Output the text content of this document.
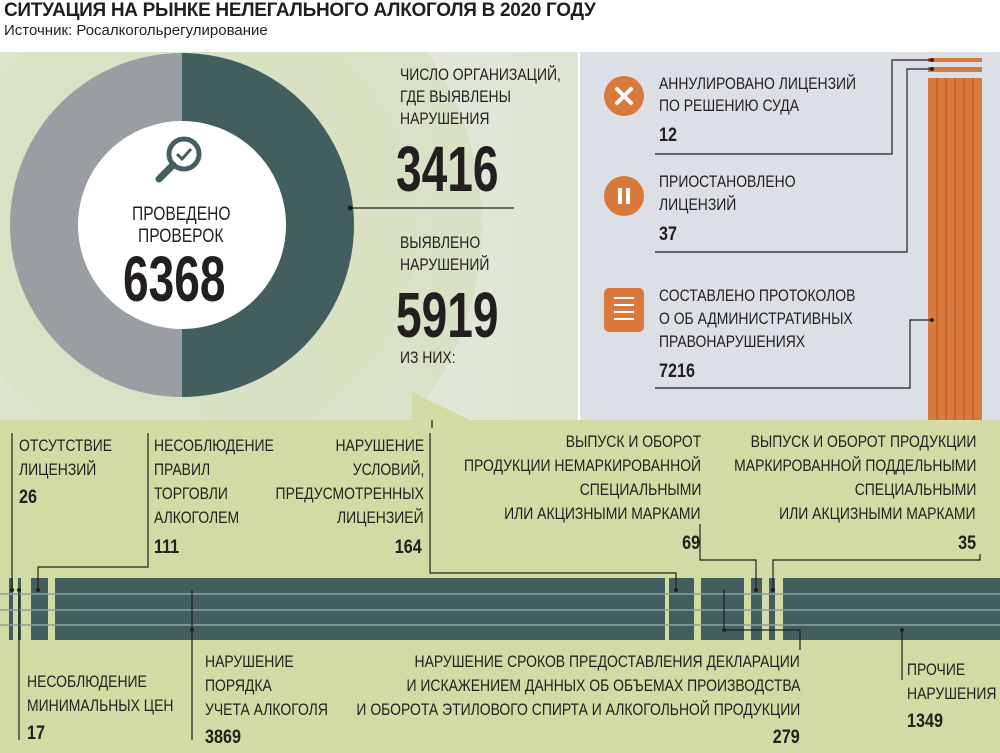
СИТУАЦИЯ НА РЫНКЕ НЕЛЕГАЛЬНОГО АЛКОГОЛЯ В 2020 ГОДУ
Источник: Росалкогольрегулирование
ПРОВЕДЕНО
ПРОВЕРОК
6368
ЧИСЛО ОРГАНИЗАЦИЙ,
ГДЕ ВЫЯВЛЕНЫ
НАРУШЕНИЯ
3416
ВЫЯВЛЕНО
НАРУШЕНИЙ
5919
ИЗ НИХ:
АННУЛИРОВАНО ЛИЦЕНЗИЙ
ПО РЕШЕНИЮ СУДА
12
ПРИОСТАНОВЛЕНО
ЛИЦЕНЗИЙ
37
СОСТАВЛЕНО ПРОТОКОЛОВ
О ОБ АДМИНИСТРАТИВНЫХ
ПРАВОНАРУШЕНИЯХ
7216
ОТСУТСТВИЕ
ЛИЦЕНЗИЙ
26
НЕСОБЛЮДЕНИЕ
ПРАВИЛ
ТОРГОВЛИ
АЛКОГОЛЕМ
111
НАРУШЕНИЕ
УСЛОВИЙ,
ПРЕДУСМОТРЕННЫХ
ЛИЦЕНЗИЕЙ
164
ВЫПУСК И ОБОРОТ
ПРОДУКЦИИ НЕМАРКИРОВАННОЙ
СПЕЦИАЛЬНЫМИ
ИЛИ АКЦИЗНЫМИ МАРКАМИ
69
ВЫПУСК И ОБОРОТ ПРОДУКЦИИ
МАРКИРОВАННОЙ ПОДДЕЛЬНЫМИ
СПЕЦИАЛЬНЫМИ
ИЛИ АКЦИЗНЫМИ МАРКАМИ
35
НЕСОБЛЮДЕНИЕ
МИНИМАЛЬНЫХ ЦЕН
17
НАРУШЕНИЕ
ПОРЯДКА
УЧЕТА АЛКОГОЛЯ
3869
НАРУШЕНИЕ СРОКОВ ПРЕДОСТАВЛЕНИЯ ДЕКЛАРАЦИИ
И ИСКАЖЕНИЕМ ДАННЫХ ОБ ОБЪЕМАХ ПРОИЗВОДСТВА
И ОБОРОТА ЭТИЛОВОГО СПИРТА И АЛКОГОЛЬНОЙ ПРОДУКЦИИ
279
ПРОЧИЕ
НАРУШЕНИЯ
1349
